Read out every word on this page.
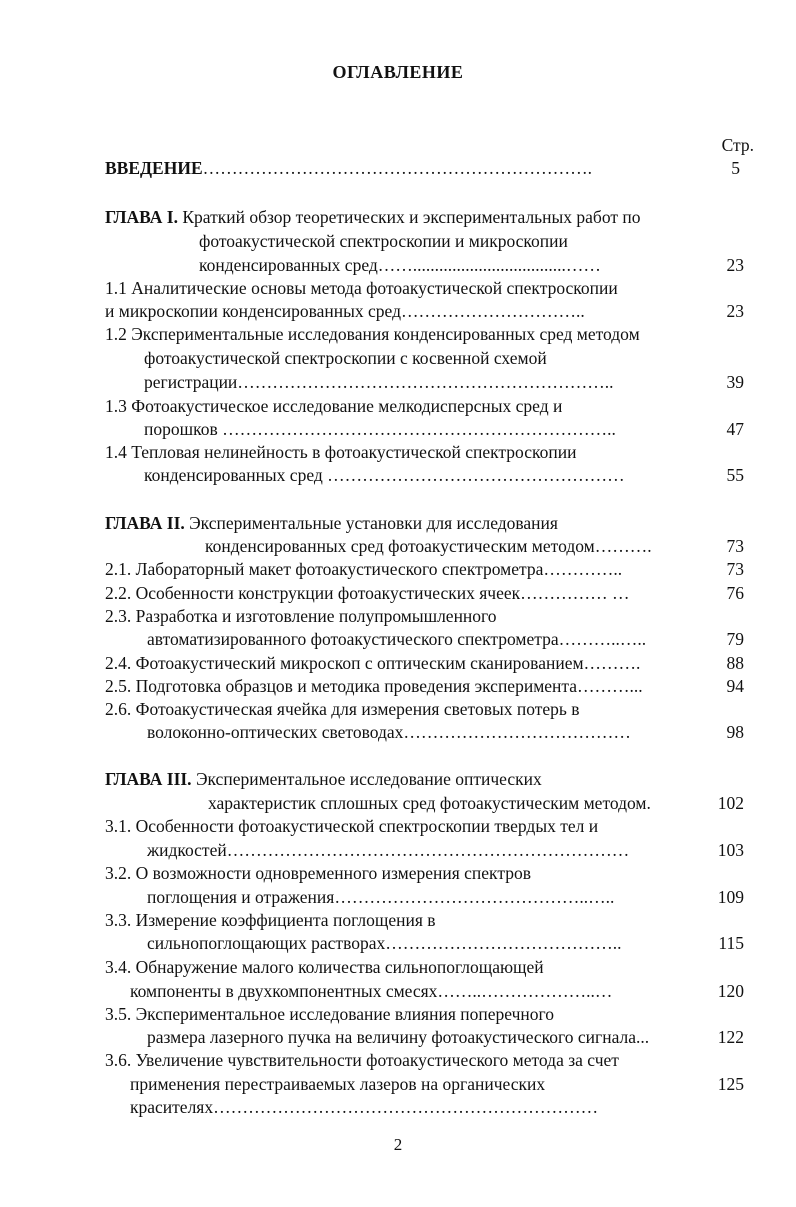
ОГЛАВЛЕНИЕ
Стр.
ВВЕДЕНИЕ………………………………………………………….	5
ГЛАВА I. Краткий обзор теоретических и экспериментальных работ по
фотоакустической спектроскопии и микроскопии
конденсированных сред……...................................……	23
1.1 Аналитические основы метода фотоакустической спектроскопии
и микроскопии конденсированных сред…………………………..	23
1.2 Экспериментальные исследования конденсированных сред методом
фотоакустической спектроскопии с косвенной схемой
регистрации………………………………………………………..	39
1.3 Фотоакустическое исследование мелкодисперсных сред и
порошков …………………………………………………………..	47
1.4 Тепловая нелинейность в фотоакустической спектроскопии
конденсированных сред ……………………………………………	55
ГЛАВА II. Экспериментальные установки для исследования
конденсированных сред фотоакустическим методом……….	73
2.1. Лабораторный макет фотоакустического спектрометра…………..	73
2.2. Особенности конструкции фотоакустических ячеек…………… …	76
2.3. Разработка и изготовление полупромышленного
автоматизированного фотоакустического спектрометра………..…..	79
2.4. Фотоакустический микроскоп с оптическим сканированием……….	88
2.5. Подготовка образцов и методика проведения эксперимента………...	94
2.6. Фотоакустическая ячейка для измерения световых потерь в
волоконно-оптических световодах…………………………………	98
ГЛАВА III. Экспериментальное исследование оптических
характеристик сплошных сред фотоакустическим методом.	102
3.1. Особенности фотоакустической спектроскопии твердых тел и
жидкостей……………………………………………………………	103
3.2. О возможности одновременного измерения спектров
поглощения и отражения……………………………………..…..	109
3.3. Измерение коэффициента поглощения в
сильнопоглощающих растворах…………………………………..	115
3.4. Обнаружение малого количества сильнопоглощающей
компоненты в двухкомпонентных смесях……..………………..…	120
3.5. Экспериментальное исследование влияния поперечного
размера лазерного пучка на величину фотоакустического сигнала...	122
3.6. Увеличение чувствительности фотоакустического метода за счет
применения перестраиваемых лазеров на органических	125
красителях…………………………………………………………
2
